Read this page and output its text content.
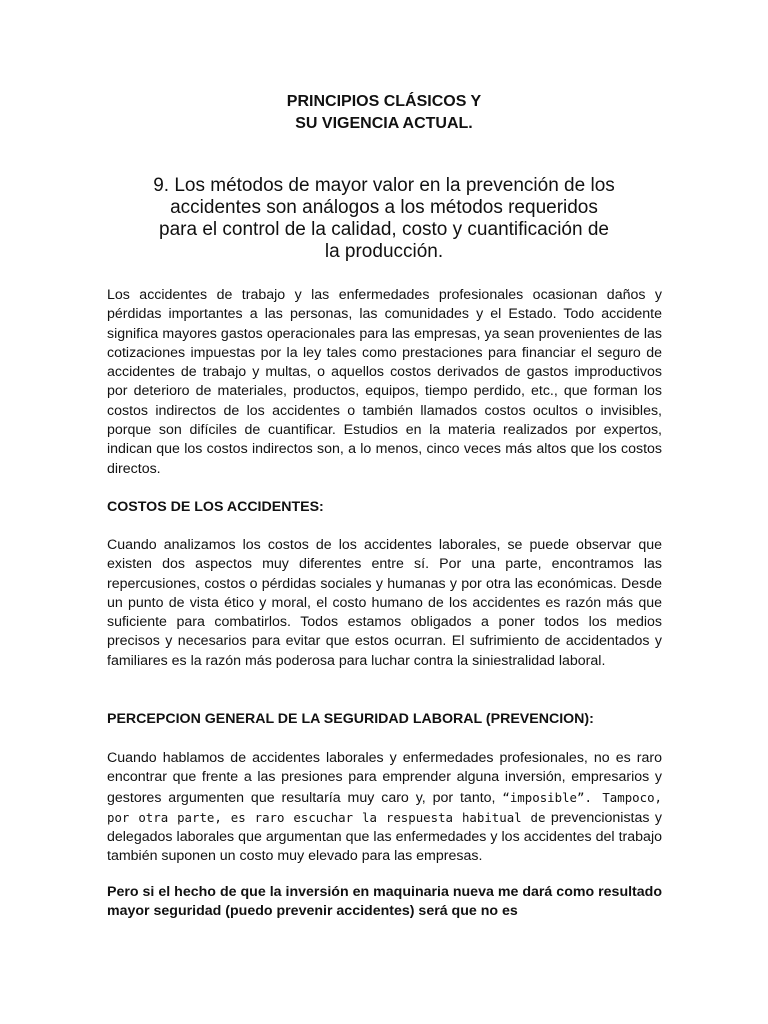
PRINCIPIOS CLÁSICOS Y
SU VIGENCIA ACTUAL.

9. Los métodos de mayor valor en la prevención de los accidentes son análogos a los métodos requeridos para el control de la calidad, costo y cuantificación de la producción.

Los accidentes de trabajo y las enfermedades profesionales ocasionan daños y pérdidas importantes a las personas, las comunidades y el Estado. Todo accidente significa mayores gastos operacionales para las empresas, ya sean provenientes de las cotizaciones impuestas por la ley tales como prestaciones para financiar el seguro de accidentes de trabajo y multas, o aquellos costos derivados de gastos improductivos por deterioro de materiales, productos, equipos, tiempo perdido, etc., que forman los costos indirectos de los accidentes o también llamados costos ocultos o invisibles, porque son difíciles de cuantificar. Estudios en la materia realizados por expertos, indican que los costos indirectos son, a lo menos, cinco veces más altos que los costos directos.

COSTOS DE LOS ACCIDENTES:

Cuando analizamos los costos de los accidentes laborales, se puede observar que existen dos aspectos muy diferentes entre sí. Por una parte, encontramos las repercusiones, costos o pérdidas sociales y humanas y por otra las económicas. Desde un punto de vista ético y moral, el costo humano de los accidentes es razón más que suficiente para combatirlos. Todos estamos obligados a poner todos los medios precisos y necesarios para evitar que estos ocurran. El sufrimiento de accidentados y familiares es la razón más poderosa para luchar contra la siniestralidad laboral.

PERCEPCION GENERAL DE LA SEGURIDAD LABORAL (PREVENCION):

Cuando hablamos de accidentes laborales y enfermedades profesionales, no es raro encontrar que frente a las presiones para emprender alguna inversión, empresarios y gestores argumenten que resultaría muy caro y, por tanto, “imposible”. Tampoco, por otra parte, es raro escuchar la respuesta habitual de prevencionistas y delegados laborales que argumentan que las enfermedades y los accidentes del trabajo también suponen un costo muy elevado para las empresas.

Pero si el hecho de que la inversión en maquinaria nueva me dará como resultado mayor seguridad (puedo prevenir accidentes) será que no es
